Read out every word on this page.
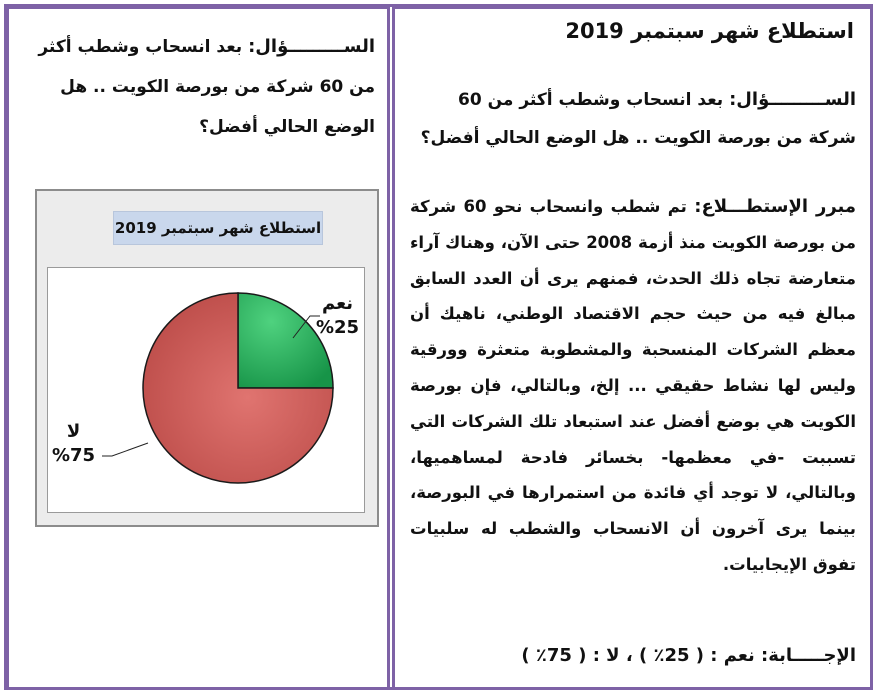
استطلاع شهر سبتمبر 2019
الســـــــــؤال: بعد انسحاب وشطب أكثر من 60 شركة من بورصة الكويت .. هل الوضع الحالي أفضل؟
مبرر الإستطـــلاع: تم شطب وانسحاب نحو 60 شركة من بورصة الكويت منذ أزمة 2008 حتى الآن، وهناك آراء متعارضة تجاه ذلك الحدث، فمنهم يرى أن العدد السابق مبالغ فيه من حيث حجم الاقتصاد الوطني، ناهيك أن معظم الشركات المنسحبة والمشطوبة متعثرة وورقية وليس لها نشاط حقيقي ... إلخ، وبالتالي، فإن بورصة الكويت هي بوضع أفضل عند استبعاد تلك الشركات التي تسببت -في معظمها- بخسائر فادحة لمساهميها، وبالتالي، لا توجد أي فائدة من استمرارها في البورصة، بينما يرى آخرون أن الانسحاب والشطب له سلبيات تفوق الإيجابيات.
الإجـــــابة: نعم : ( 25٪ ) ، لا : ( 75٪ )
الســـــــــؤال: بعد انسحاب وشطب أكثر من 60 شركة من بورصة الكويت .. هل الوضع الحالي أفضل؟
استطلاع شهر سبتمبر 2019
نعم
%25
لا
%75
